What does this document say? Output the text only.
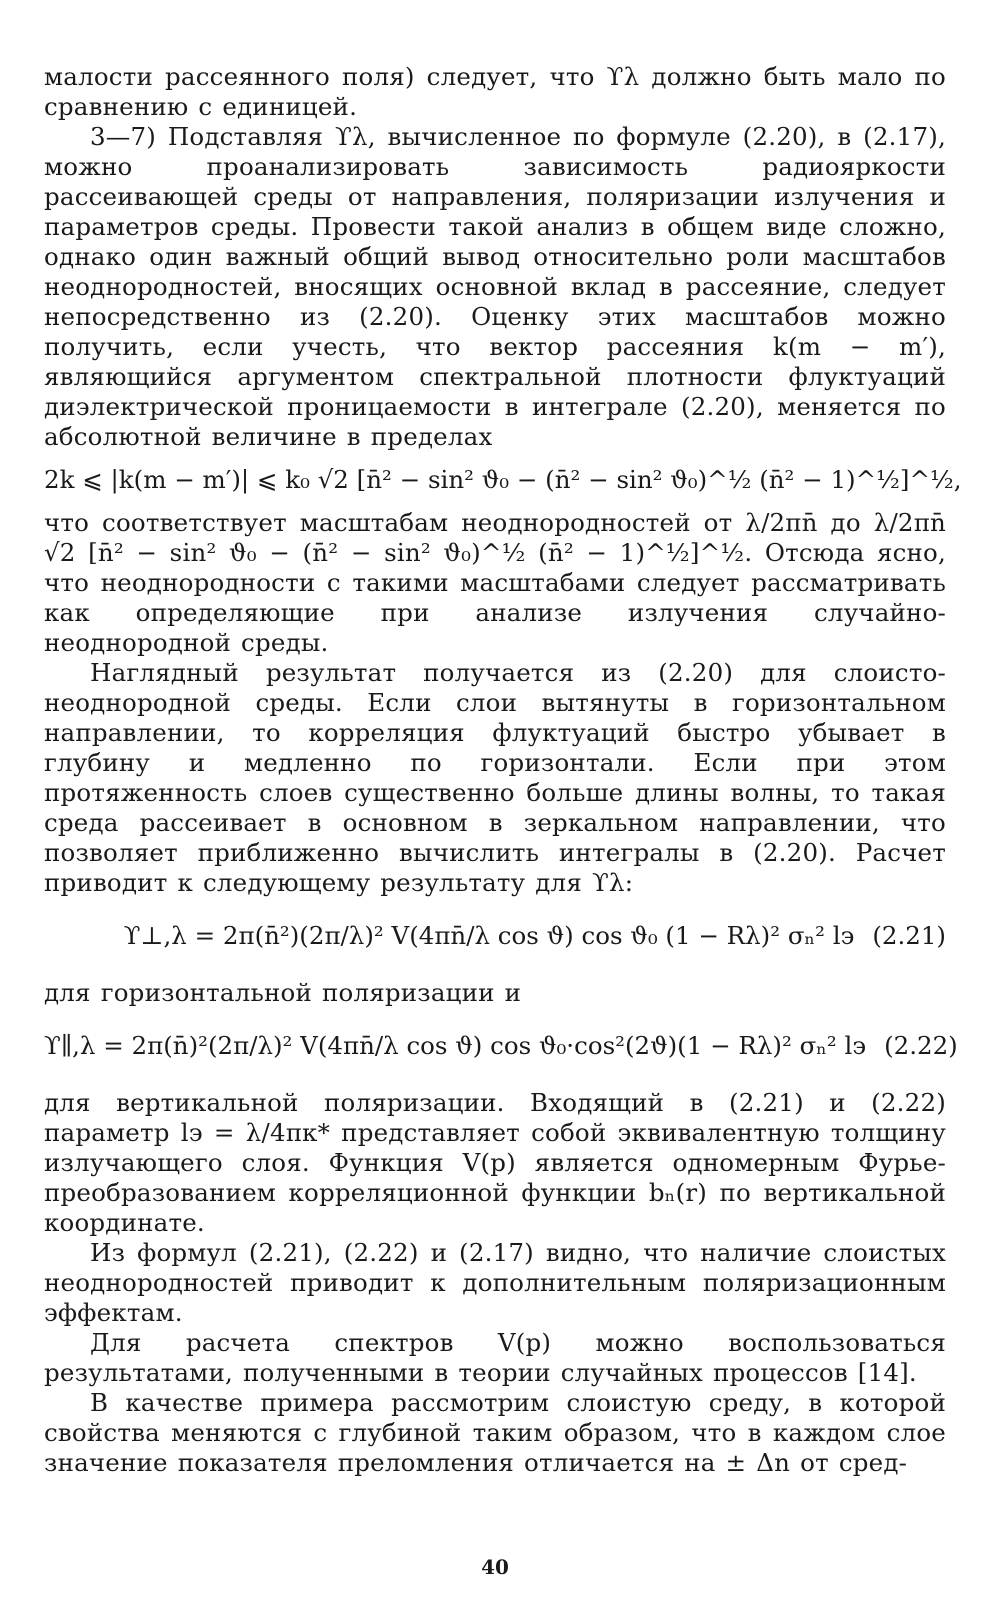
малости рассеянного поля) следует, что ϒλ должно быть мало по сравнению с единицей.

3—7) Подставляя ϒλ, вычисленное по формуле (2.20), в (2.17), можно проанализировать зависимость радиояркости рассеивающей среды от направления, поляризации излучения и параметров среды. Провести такой анализ в общем виде сложно, однако один важный общий вывод относительно роли масштабов неоднородностей, вносящих основной вклад в рассеяние, следует непосредственно из (2.20). Оценку этих масштабов можно получить, если учесть, что вектор рассеяния k(m − m′), являющийся аргументом спектральной плотности флуктуаций диэлектрической проницаемости в интеграле (2.20), меняется по абсолютной величине в пределах

2k ⩽ |k(m − m′)| ⩽ k₀ √2 [n̄² − sin² ϑ₀ − (n̄² − sin² ϑ₀)^½ (n̄² − 1)^½]^½,

что соответствует масштабам неоднородностей от λ/2πn̄ до λ/2πn̄ √2 [n̄² − sin² ϑ₀ − (n̄² − sin² ϑ₀)^½ (n̄² − 1)^½]^½. Отсюда ясно, что неоднородности с такими масштабами следует рассматривать как определяющие при анализе излучения случайно-неоднородной среды.

Наглядный результат получается из (2.20) для слоисто-неоднородной среды. Если слои вытянуты в горизонтальном направлении, то корреляция флуктуаций быстро убывает в глубину и медленно по горизонтали. Если при этом протяженность слоев существенно больше длины волны, то такая среда рассеивает в основном в зеркальном направлении, что позволяет приближенно вычислить интегралы в (2.20). Расчет приводит к следующему результату для ϒλ:

ϒ⊥,λ = 2π(n̄²)(2π/λ)² V(4πn̄/λ cos ϑ) cos ϑ₀ (1 − Rλ)² σₙ² lэ (2.21)

для горизонтальной поляризации и

ϒ∥,λ = 2π(n̄)²(2π/λ)² V(4πn̄/λ cos ϑ) cos ϑ₀·cos²(2ϑ)(1 − Rλ)² σₙ² lэ (2.22)

для вертикальной поляризации. Входящий в (2.21) и (2.22) параметр lэ = λ/4πκ* представляет собой эквивалентную толщину излучающего слоя. Функция V(p) является одномерным Фурье-преобразованием корреляционной функции bₙ(r) по вертикальной координате.

Из формул (2.21), (2.22) и (2.17) видно, что наличие слоистых неоднородностей приводит к дополнительным поляризационным эффектам.

Для расчета спектров V(p) можно воспользоваться результатами, полученными в теории случайных процессов [14].

В качестве примера рассмотрим слоистую среду, в которой свойства меняются с глубиной таким образом, что в каждом слое значение показателя преломления отличается на ± Δn от сред-

40
